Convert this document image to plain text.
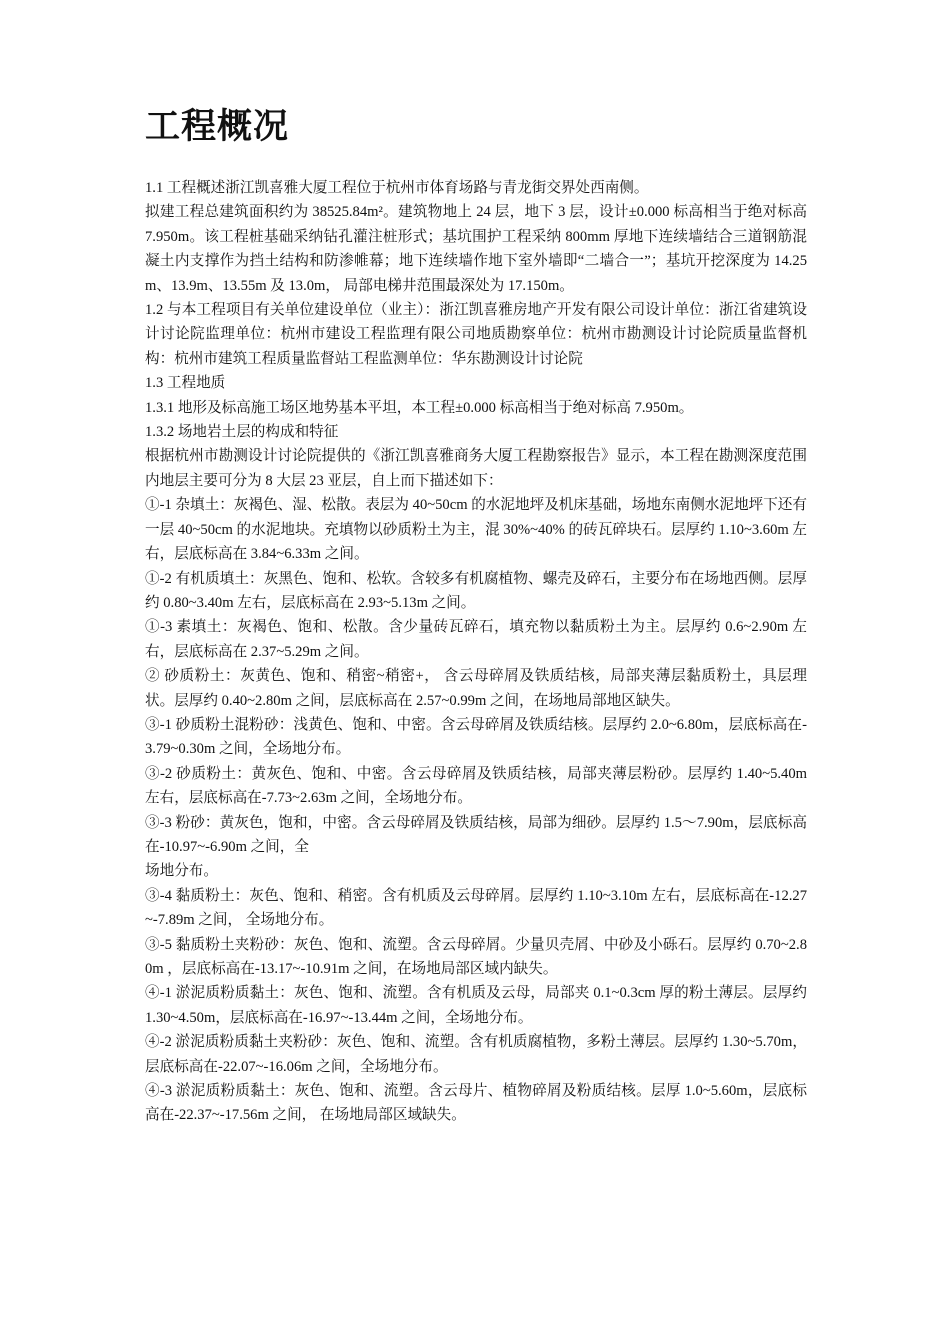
工程概况

1.1 工程概述浙江凯喜雅大厦工程位于杭州市体育场路与青龙街交界处西南侧。

拟建工程总建筑面积约为 38525.84m²。建筑物地上 24 层，地下 3 层，设计±0.000 标高相当于绝对标高 7.950m。该工程桩基础采纳钻孔灌注桩形式；基坑围护工程采纳 800mm 厚地下连续墙结合三道钢筋混凝土内支撑作为挡土结构和防渗帷幕；地下连续墙作地下室外墙即“二墙合一”；基坑开挖深度为 14.25m、13.9m、13.55m 及 13.0m， 局部电梯井范围最深处为 17.150m。

1.2 与本工程项目有关单位建设单位（业主）：浙江凯喜雅房地产开发有限公司设计单位：浙江省建筑设计讨论院监理单位：杭州市建设工程监理有限公司地质勘察单位：杭州市勘测设计讨论院质量监督机构：杭州市建筑工程质量监督站工程监测单位：华东勘测设计讨论院

1.3 工程地质

1.3.1 地形及标高施工场区地势基本平坦，本工程±0.000 标高相当于绝对标高 7.950m。

1.3.2 场地岩土层的构成和特征

根据杭州市勘测设计讨论院提供的《浙江凯喜雅商务大厦工程勘察报告》显示，本工程在勘测深度范围内地层主要可分为 8 大层 23 亚层，自上而下描述如下：

①-1 杂填土：灰褐色、湿、松散。表层为 40~50cm 的水泥地坪及机床基础，场地东南侧水泥地坪下还有一层 40~50cm 的水泥地块。充填物以砂质粉土为主，混 30%~40% 的砖瓦碎块石。层厚约 1.10~3.60m 左右，层底标高在 3.84~6.33m 之间。

①-2 有机质填土：灰黑色、饱和、松软。含较多有机腐植物、螺壳及碎石，主要分布在场地西侧。层厚约 0.80~3.40m 左右，层底标高在 2.93~5.13m 之间。

①-3 素填土：灰褐色、饱和、松散。含少量砖瓦碎石，填充物以黏质粉土为主。层厚约 0.6~2.90m 左右，层底标高在 2.37~5.29m 之间。

② 砂质粉土：灰黄色、饱和、稍密~稍密+， 含云母碎屑及铁质结核，局部夹薄层黏质粉土，具层理状。层厚约 0.40~2.80m 之间，层底标高在 2.57~0.99m 之间，在场地局部地区缺失。

③-1 砂质粉土混粉砂：浅黄色、饱和、中密。含云母碎屑及铁质结核。层厚约 2.0~6.80m，层底标高在-3.79~0.30m 之间，全场地分布。

③-2 砂质粉土：黄灰色、饱和、中密。含云母碎屑及铁质结核，局部夹薄层粉砂。层厚约 1.40~5.40m 左右，层底标高在-7.73~2.63m 之间，全场地分布。

③-3 粉砂：黄灰色，饱和，中密。含云母碎屑及铁质结核，局部为细砂。层厚约 1.5～7.90m，层底标高在-10.97~-6.90m 之间，全

场地分布。

③-4 黏质粉土：灰色、饱和、稍密。含有机质及云母碎屑。层厚约 1.10~3.10m 左右，层底标高在-12.27~-7.89m 之间， 全场地分布。

③-5 黏质粉土夹粉砂：灰色、饱和、流塑。含云母碎屑。少量贝壳屑、中砂及小砾石。层厚约 0.70~2.80m ，层底标高在-13.17~-10.91m 之间，在场地局部区域内缺失。

④-1 淤泥质粉质黏土：灰色、饱和、流塑。含有机质及云母，局部夹 0.1~0.3cm 厚的粉土薄层。层厚约 1.30~4.50m，层底标高在-16.97~-13.44m 之间，全场地分布。

④-2 淤泥质粉质黏土夹粉砂：灰色、饱和、流塑。含有机质腐植物，多粉土薄层。层厚约 1.30~5.70m， 层底标高在-22.07~-16.06m 之间，全场地分布。

④-3 淤泥质粉质黏土：灰色、饱和、流塑。含云母片、植物碎屑及粉质结核。层厚 1.0~5.60m，层底标高在-22.37~-17.56m 之间， 在场地局部区域缺失。
